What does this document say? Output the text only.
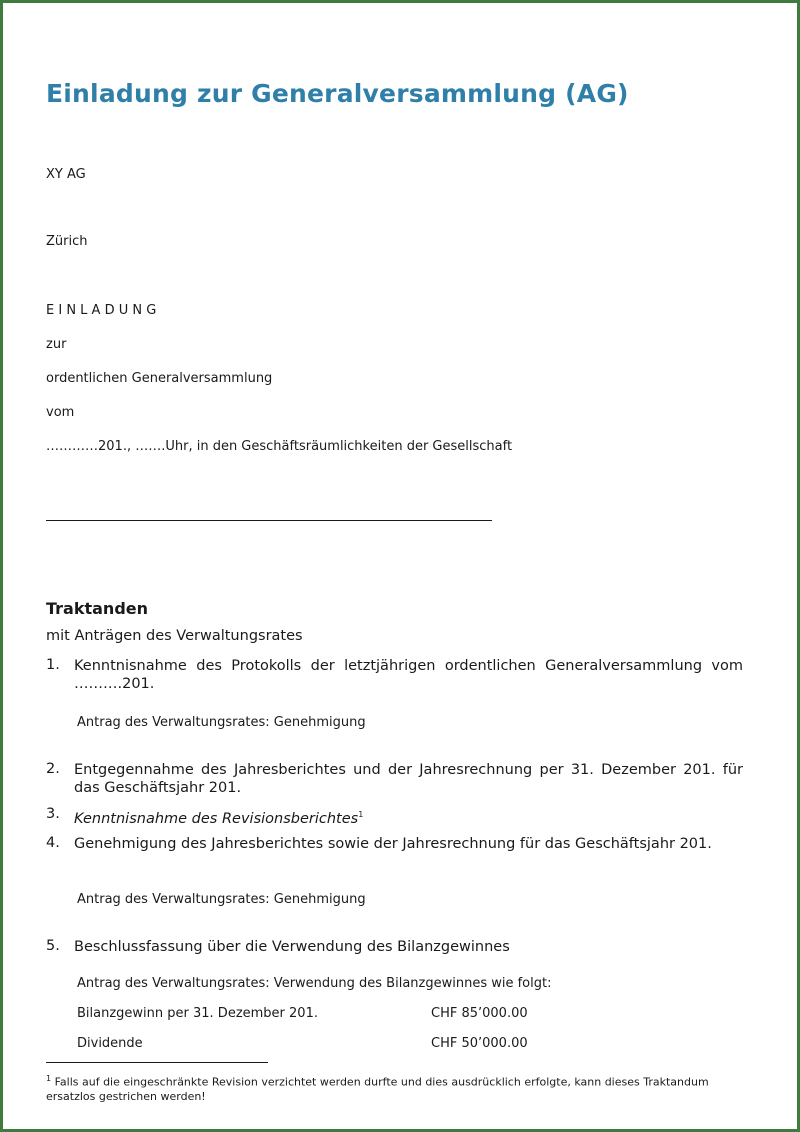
Einladung zur Generalversammlung (AG)
XY AG
Zürich
E I N L A D U N G
zur
ordentlichen Generalversammlung
vom
…………201., …….Uhr, in den Geschäftsräumlichkeiten der Gesellschaft
Traktanden
mit Anträgen des Verwaltungsrates
1. Kenntnisnahme des Protokolls der letztjährigen ordentlichen Generalversammlung vom ……….201.
Antrag des Verwaltungsrates: Genehmigung
2. Entgegennahme des Jahresberichtes und der Jahresrechnung per 31. Dezember 201. für das Geschäftsjahr 201.
3. Kenntnisnahme des Revisionsberichtes$^1$
4. Genehmigung des Jahresberichtes sowie der Jahresrechnung für das Geschäftsjahr 201.
Antrag des Verwaltungsrates: Genehmigung
5. Beschlussfassung über die Verwendung des Bilanzgewinnes
Antrag des Verwaltungsrates: Verwendung des Bilanzgewinnes wie folgt:
Bilanzgewinn per 31. Dezember 201.	CHF 85’000.00
Dividende	CHF 50’000.00
$^1$ Falls auf die eingeschränkte Revision verzichtet werden durfte und dies ausdrücklich erfolgte, kann dieses Traktandum ersatzlos gestrichen werden!
